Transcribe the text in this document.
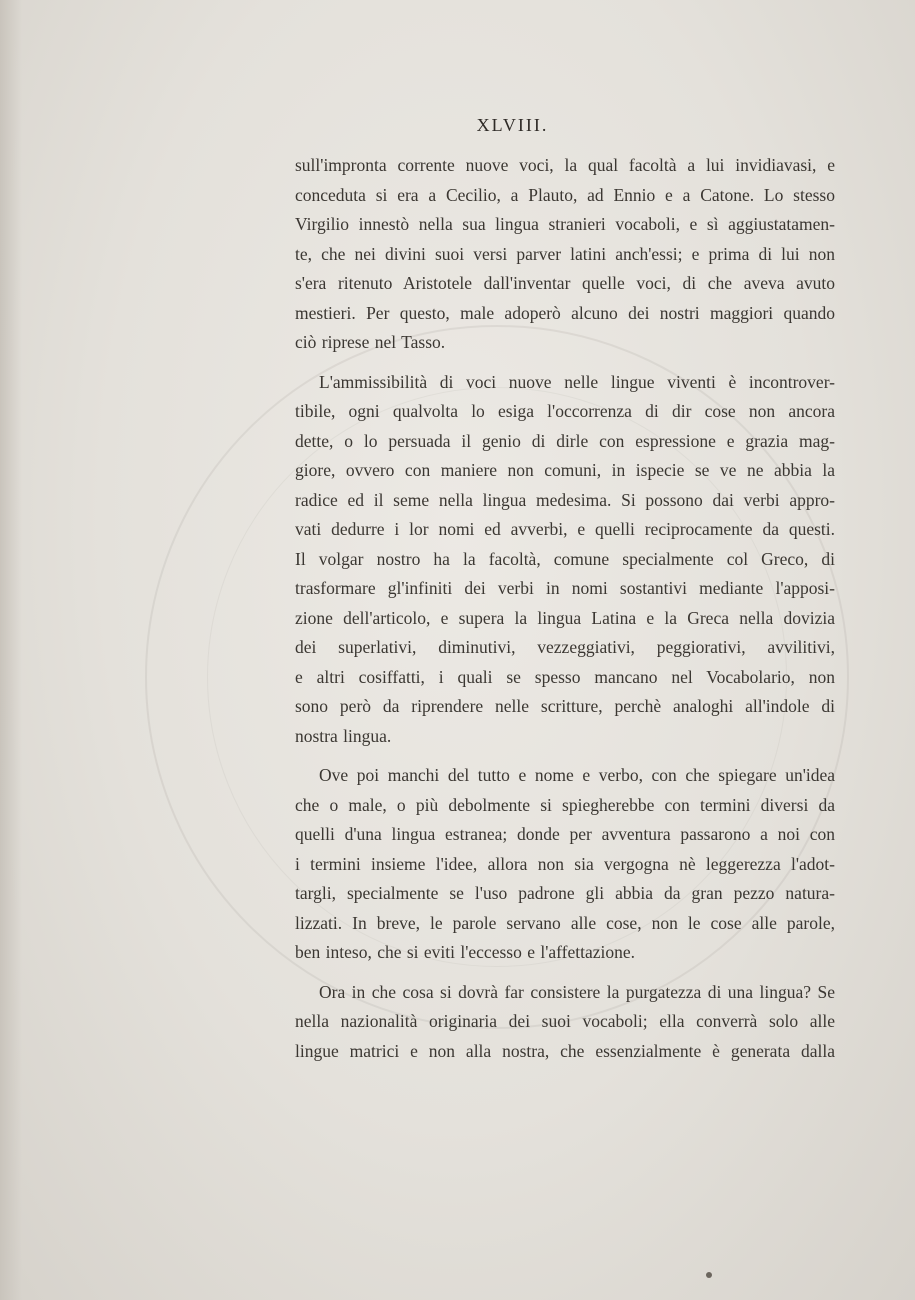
XLVIII.

sull'impronta corrente nuove voci, la qual facoltà a lui invidiavasi, e
conceduta si era a Cecilio, a Plauto, ad Ennio e a Catone. Lo stesso
Virgilio innestò nella sua lingua stranieri vocaboli, e sì aggiustatamen-
te, che nei divini suoi versi parver latini anch'essi; e prima di lui non
s'era ritenuto Aristotele dall'inventar quelle voci, di che aveva avuto
mestieri. Per questo, male adoperò alcuno dei nostri maggiori quando
ciò riprese nel Tasso.

L'ammissibilità di voci nuove nelle lingue viventi è incontrover-
tibile, ogni qualvolta lo esiga l'occorrenza di dir cose non ancora
dette, o lo persuada il genio di dirle con espressione e grazia mag-
giore, ovvero con maniere non comuni, in ispecie se ve ne abbia la
radice ed il seme nella lingua medesima. Si possono dai verbi appro-
vati dedurre i lor nomi ed avverbi, e quelli reciprocamente da questi.
Il volgar nostro ha la facoltà, comune specialmente col Greco, di
trasformare gl'infiniti dei verbi in nomi sostantivi mediante l'apposi-
zione dell'articolo, e supera la lingua Latina e la Greca nella dovizia
dei superlativi, diminutivi, vezzeggiativi, peggiorativi, avvilitivi,
e altri cosiffatti, i quali se spesso mancano nel Vocabolario, non
sono però da riprendere nelle scritture, perchè analoghi all'indole di
nostra lingua.

Ove poi manchi del tutto e nome e verbo, con che spiegare un'idea
che o male, o più debolmente si spiegherebbe con termini diversi da
quelli d'una lingua estranea; donde per avventura passarono a noi con
i termini insieme l'idee, allora non sia vergogna nè leggerezza l'adot-
targli, specialmente se l'uso padrone gli abbia da gran pezzo natura-
lizzati. In breve, le parole servano alle cose, non le cose alle parole,
ben inteso, che si eviti l'eccesso e l'affettazione.

Ora in che cosa si dovrà far consistere la purgatezza di una lingua? Se
nella nazionalità originaria dei suoi vocaboli; ella converrà solo alle
lingue matrici e non alla nostra, che essenzialmente è generata dalla
